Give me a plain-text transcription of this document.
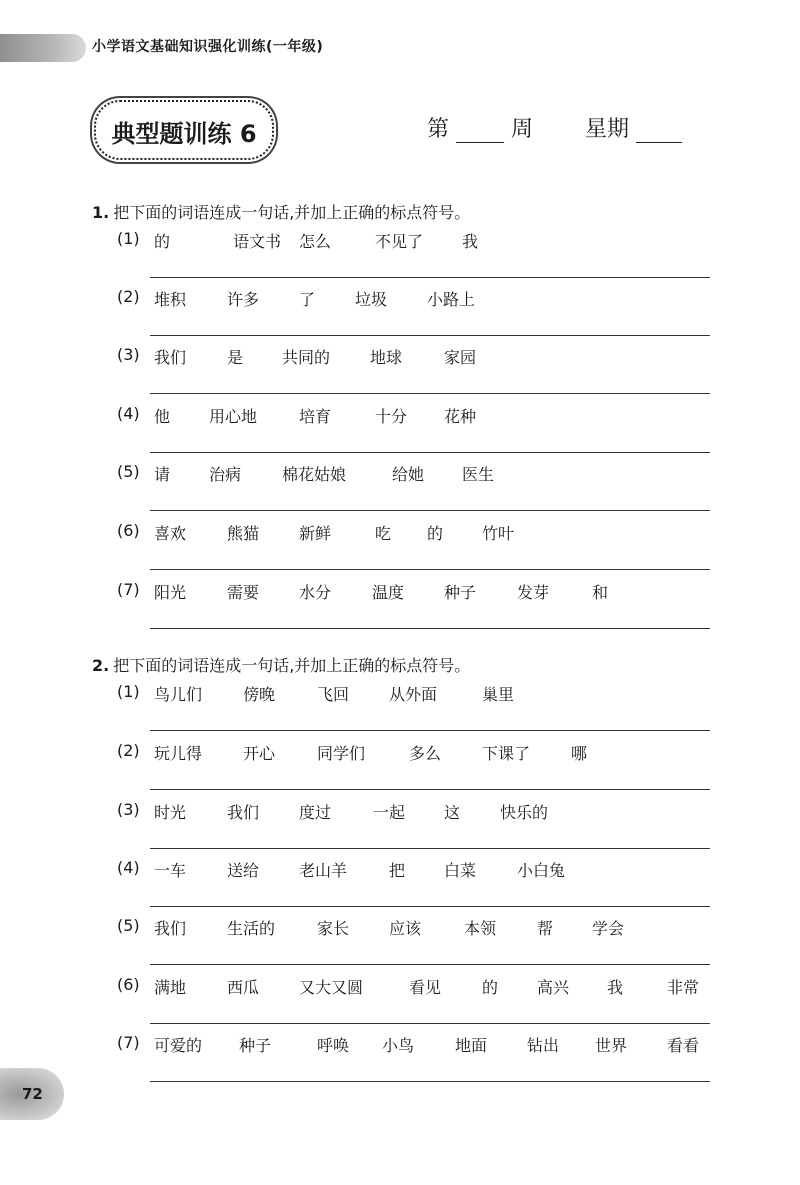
小学语文基础知识强化训练(一年级)
典型题训练 6	第	周 星期
1. 把下面的词语连成一句话,并加上正确的标点符号。
(1) 的	语文书 怎么	不见了 我
(2) 堆积	许多 了 垃圾 小路上
(3) 我们	是 共同的 地球	家园
(4) 他 用心地	培育	十分 花种
(5) 请 治病	棉花姑娘	给她 医生
(6) 喜欢	熊猫 新鲜	吃 的 竹叶
(7) 阳光	需要 水分	温度 种子	发芽	和
2. 把下面的词语连成一句话,并加上正确的标点符号。
(1) 鸟儿们	傍晚	飞回 从外面	巢里
(2) 玩儿得	开心	同学们	多么	下课了	哪
(3) 时光	我们 度过	一起 这 快乐的
(4) 一车	送给 老山羊	把 白菜	小白兔
(5) 我们	生活的	家长 应该	本领	帮 学会
(6) 满地	西瓜 又大又圆	看见	的 高兴 我	非常
(7) 可爱的 种子	呼唤 小鸟	地面 钻出 世界 看看
72
